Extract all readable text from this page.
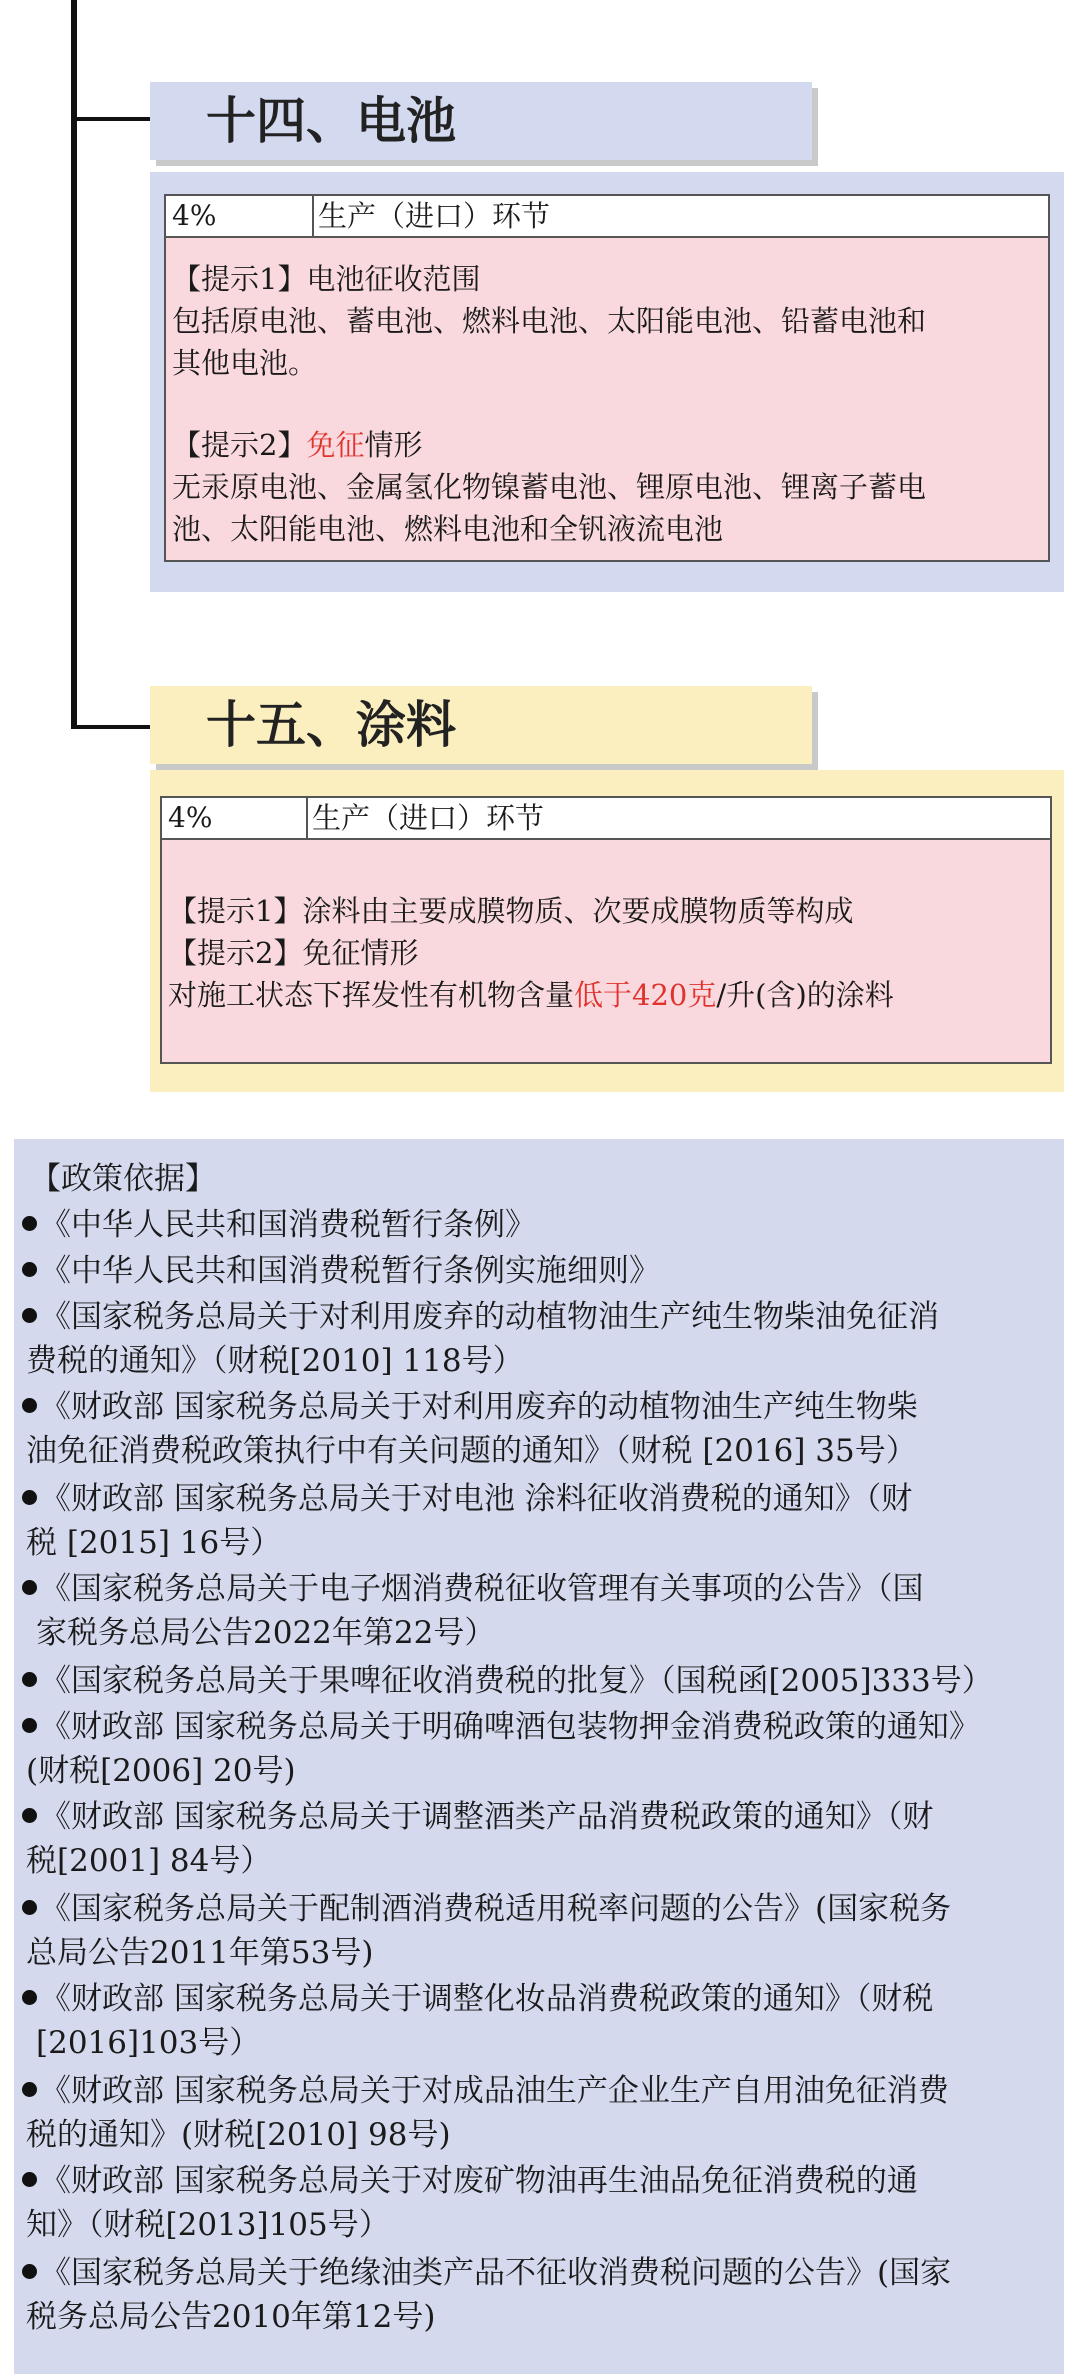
十四、电池
4%	生产（进口）环节
【提示1】电池征收范围
包括原电池、蓄电池、燃料电池、太阳能电池、铅蓄电池和
其他电池。
【提示2】免征情形
无汞原电池、金属氢化物镍蓄电池、锂原电池、锂离子蓄电
池、太阳能电池、燃料电池和全钒液流电池
十五、涂料
4%	生产（进口）环节
【提示1】涂料由主要成膜物质、次要成膜物质等构成
【提示2】免征情形
对施工状态下挥发性有机物含量低于420克/升(含)的涂料
【政策依据】
《中华人民共和国消费税暂行条例》
《中华人民共和国消费税暂行条例实施细则》
《国家税务总局关于对利用废弃的动植物油生产纯生物柴油免征消
费税的通知》（财税[2010] 118号）
《财政部 国家税务总局关于对利用废弃的动植物油生产纯生物柴
油免征消费税政策执行中有关问题的通知》（财税 [2016] 35号）
《财政部 国家税务总局关于对电池 涂料征收消费税的通知》（财
税 [2015] 16号）
《国家税务总局关于电子烟消费税征收管理有关事项的公告》（国
家税务总局公告2022年第22号）
《国家税务总局关于果啤征收消费税的批复》（国税函[2005]333号）
《财政部 国家税务总局关于明确啤酒包装物押金消费税政策的通知》
(财税[2006] 20号)
《财政部 国家税务总局关于调整酒类产品消费税政策的通知》（财
税[2001] 84号）
《国家税务总局关于配制酒消费税适用税率问题的公告》(国家税务
总局公告2011年第53号)
《财政部 国家税务总局关于调整化妆品消费税政策的通知》（财税
[2016]103号）
《财政部 国家税务总局关于对成品油生产企业生产自用油免征消费
税的通知》(财税[2010] 98号)
《财政部 国家税务总局关于对废矿物油再生油品免征消费税的通
知》（财税[2013]105号）
《国家税务总局关于绝缘油类产品不征收消费税问题的公告》(国家
税务总局公告2010年第12号)
